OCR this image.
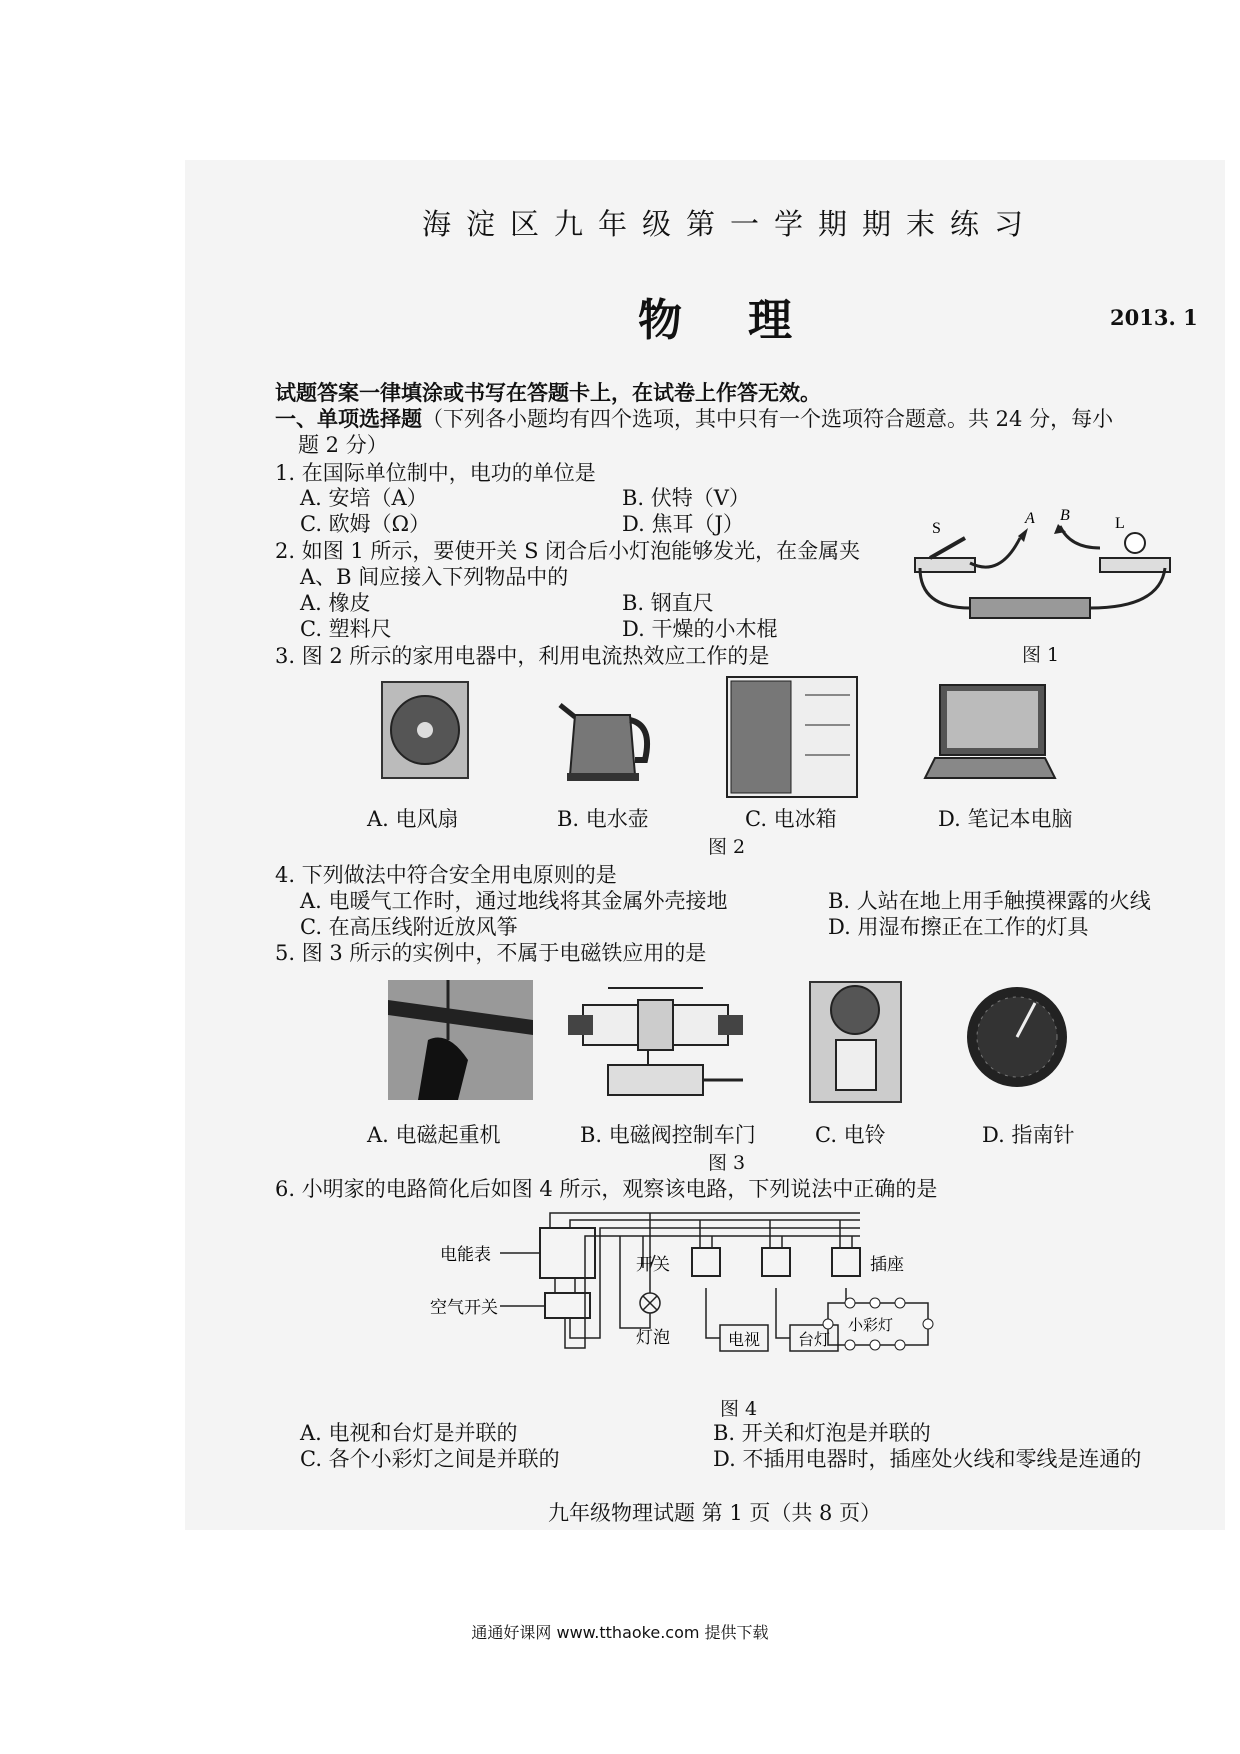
海淀区九年级第一学期期末练习
物理	2013. 1
试题答案一律填涂或书写在答题卡上，在试卷上作答无效。
一、单项选择题（下列各小题均有四个选项，其中只有一个选项符合题意。共 24 分，每小
题 2 分）
1. 在国际单位制中，电功的单位是
A. 安培（A）	B. 伏特（V）
C. 欧姆（Ω）	D. 焦耳（J）
2. 如图 1 所示，要使开关 S 闭合后小灯泡能够发光，在金属夹
A、B 间应接入下列物品中的
A. 橡皮	B. 钢直尺
C. 塑料尺	D. 干燥的小木棍
S
A B	L
图 1
3. 图 2 所示的家用电器中，利用电流热效应工作的是
A. 电风扇	B. 电水壶	C. 电冰箱	D. 笔记本电脑
图 2
4. 下列做法中符合安全用电原则的是
A. 电暖气工作时，通过地线将其金属外壳接地	B. 人站在地上用手触摸裸露的火线
C. 在高压线附近放风筝	D. 用湿布擦正在工作的灯具
5. 图 3 所示的实例中，不属于电磁铁应用的是
A. 电磁起重机	B. 电磁阀控制车门	C. 电铃	D. 指南针
图 3
6. 小明家的电路简化后如图 4 所示，观察该电路，下列说法中正确的是
电能表
空气开关
开关
灯泡
插座
电视 台灯
小彩灯
图 4
A. 电视和台灯是并联的	B. 开关和灯泡是并联的
C. 各个小彩灯之间是并联的	D. 不插用电器时，插座处火线和零线是连通的
九年级物理试题 第 1 页（共 8 页）
通通好课网 www.tthaoke.com 提供下载
